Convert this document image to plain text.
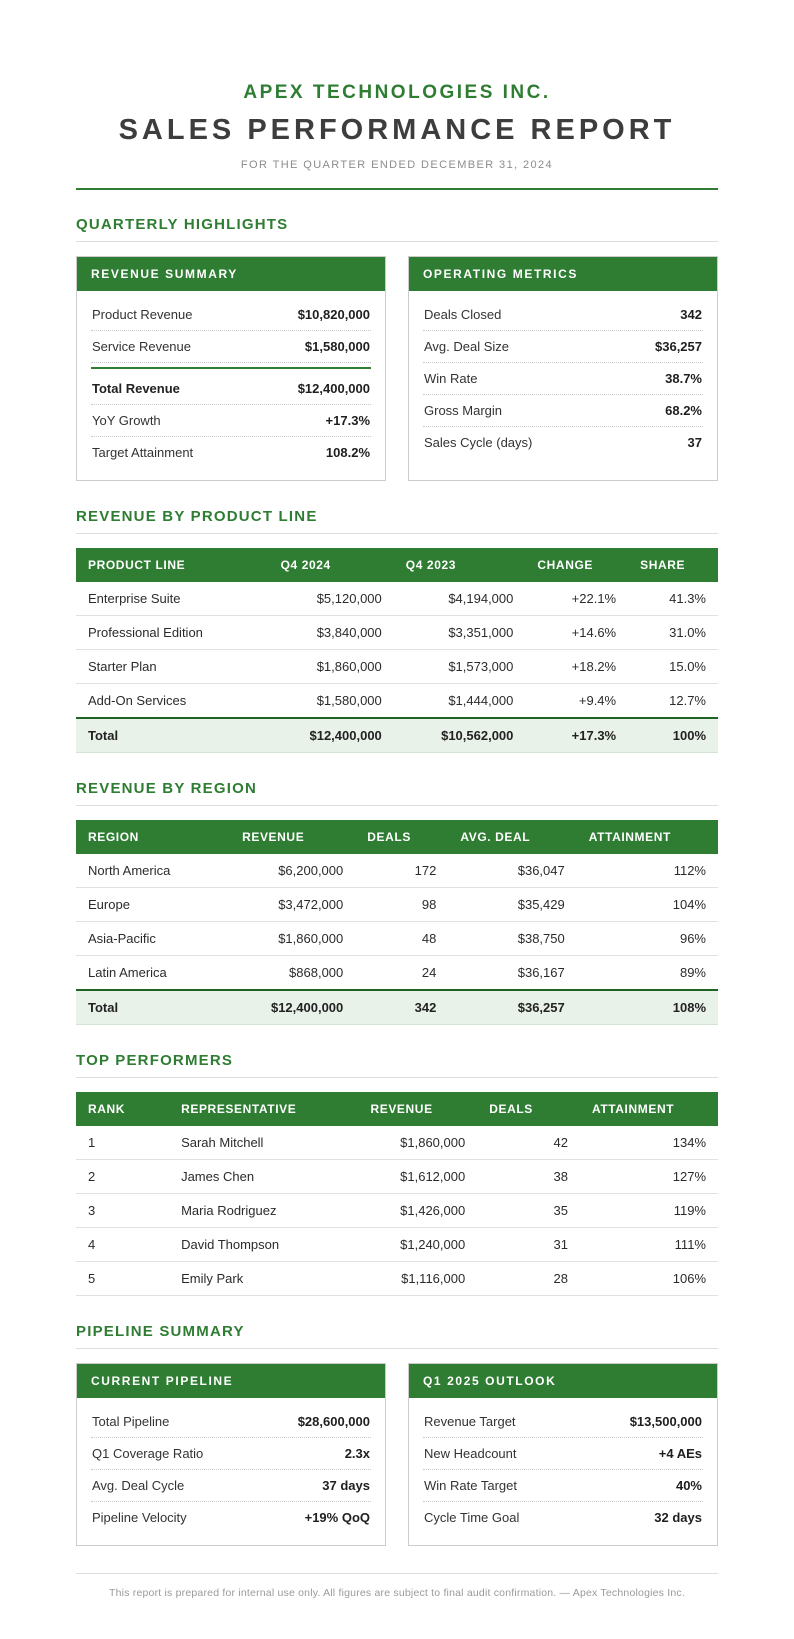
APEX TECHNOLOGIES INC.
SALES PERFORMANCE REPORT
FOR THE QUARTER ENDED DECEMBER 31, 2024
QUARTERLY HIGHLIGHTS
REVENUE SUMMARY
Product Revenue	$10,820,000
Service Revenue	$1,580,000
Total Revenue	$12,400,000
YoY Growth	+17.3%
Target Attainment	108.2%
OPERATING METRICS
Deals Closed	342
Avg. Deal Size	$36,257
Win Rate	38.7%
Gross Margin	68.2%
Sales Cycle (days)	37
REVENUE BY PRODUCT LINE
PRODUCT LINE	Q4 2024	Q4 2023	CHANGE	SHARE
Enterprise Suite	$5,120,000	$4,194,000	+22.1%	41.3%
Professional Edition	$3,840,000	$3,351,000	+14.6%	31.0%
Starter Plan	$1,860,000	$1,573,000	+18.2%	15.0%
Add-On Services	$1,580,000	$1,444,000	+9.4%	12.7%
Total	$12,400,000	$10,562,000	+17.3%	100%
REVENUE BY REGION
REGION	REVENUE	DEALS	AVG. DEAL	ATTAINMENT
North America	$6,200,000	172	$36,047	112%
Europe	$3,472,000	98	$35,429	104%
Asia-Pacific	$1,860,000	48	$38,750	96%
Latin America	$868,000	24	$36,167	89%
Total	$12,400,000	342	$36,257	108%
TOP PERFORMERS
RANK	REPRESENTATIVE	REVENUE	DEALS	ATTAINMENT
1	Sarah Mitchell	$1,860,000	42	134%
2	James Chen	$1,612,000	38	127%
3	Maria Rodriguez	$1,426,000	35	119%
4	David Thompson	$1,240,000	31	111%
5	Emily Park	$1,116,000	28	106%
PIPELINE SUMMARY
CURRENT PIPELINE
Total Pipeline	$28,600,000
Q1 Coverage Ratio	2.3x
Avg. Deal Cycle	37 days
Pipeline Velocity	+19% QoQ
Q1 2025 OUTLOOK
Revenue Target	$13,500,000
New Headcount	+4 AEs
Win Rate Target	40%
Cycle Time Goal	32 days
This report is prepared for internal use only. All figures are subject to final audit confirmation. — Apex Technologies Inc.
